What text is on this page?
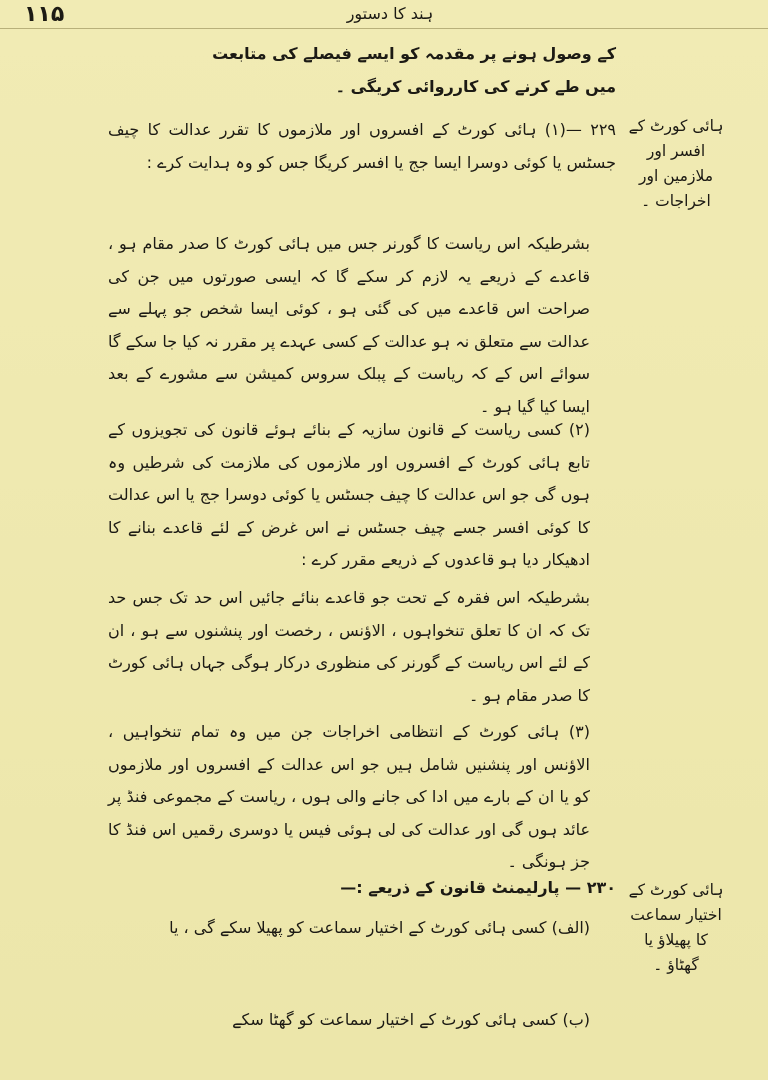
ہند کا دستور
۱۱۵

کے وصول ہونے پر مقدمہ کو ایسے فیصلے کی متابعت

میں طے کرنے کی کارروائی کریگی ۔

ہائی کورٹ کے افسر اور ملازمین اور اخراجات ۔

۲۲۹ —(۱) ہائی کورٹ کے افسروں اور ملازموں کا تقرر عدالت کا چیف جسٹس یا کوئی دوسرا ایسا جج یا افسر کریگا جس کو وہ ہدایت کرے :

بشرطیکہ اس ریاست کا گورنر جس میں ہائی کورٹ کا صدر مقام ہو ، قاعدے کے ذریعے یہ لازم کر سکے گا کہ ایسی صورتوں میں جن کی صراحت اس قاعدے میں کی گئی ہو ، کوئی ایسا شخص جو پہلے سے عدالت سے متعلق نہ ہو عدالت کے کسی عہدے پر مقرر نہ کیا جا سکے گا سوائے اس کے کہ ریاست کے پبلک سروس کمیشن سے مشورے کے بعد ایسا کیا گیا ہو ۔

(۲) کسی ریاست کے قانون سازیہ کے بنائے ہوئے قانون کی تجویزوں کے تابع ہائی کورٹ کے افسروں اور ملازموں کی ملازمت کی شرطیں وہ ہوں گی جو اس عدالت کا چیف جسٹس یا کوئی دوسرا جج یا اس عدالت کا کوئی افسر جسے چیف جسٹس نے اس غرض کے لئے قاعدے بنانے کا ادھیکار دیا ہو قاعدوں کے ذریعے مقرر کرے :

بشرطیکہ اس فقرہ کے تحت جو قاعدے بنائے جائیں اس حد تک جس حد تک کہ ان کا تعلق تنخواہوں ، الاؤنس ، رخصت اور پنشنوں سے ہو ، ان کے لئے اس ریاست کے گورنر کی منظوری درکار ہوگی جہاں ہائی کورٹ کا صدر مقام ہو ۔

(۳) ہائی کورٹ کے انتظامی اخراجات جن میں وہ تمام تنخواہیں ، الاؤنس اور پنشنیں شامل ہیں جو اس عدالت کے افسروں اور ملازموں کو یا ان کے بارے میں ادا کی جانے والی ہوں ، ریاست کے مجموعی فنڈ پر عائد ہوں گی اور عدالت کی لی ہوئی فیس یا دوسری رقمیں اس فنڈ کا جز ہونگی ۔

ہائی کورٹ کے اختیار سماعت کا پھیلاؤ یا گھٹاؤ ۔

۲۳۰ — پارلیمنٹ قانون کے ذریعے :—

(الف) کسی ہائی کورٹ کے اختیار سماعت کو پھیلا سکے گی ، یا

(ب) کسی ہائی کورٹ کے اختیار سماعت کو گھٹا سکے
